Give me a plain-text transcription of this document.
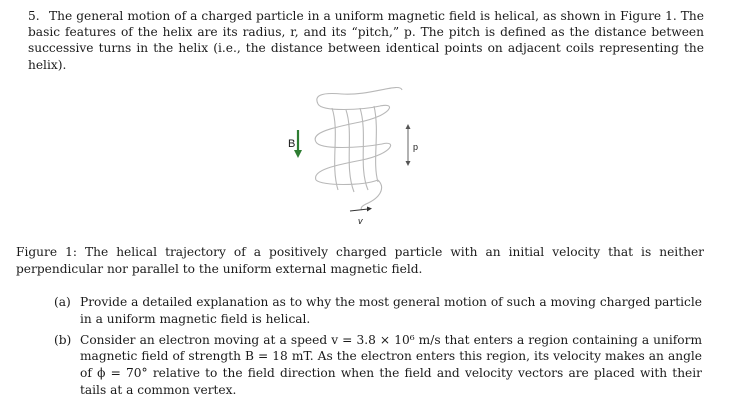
5. The general motion of a charged particle in a uniform magnetic field is helical, as shown in Figure 1. The basic features of the helix are its radius, r, and its “pitch,” p. The pitch is defined as the distance between successive turns in the helix (i.e., the distance between identical points on adjacent coils representing the helix).
B	p
v
Figure 1: The helical trajectory of a positively charged particle with an initial velocity that is neither perpendicular nor parallel to the uniform external magnetic field.
(a) Provide a detailed explanation as to why the most general motion of such a moving charged particle in a uniform magnetic field is helical.
(b) Consider an electron moving at a speed v = 3.8 × 10⁶ m/s that enters a region containing a uniform magnetic field of strength B = 18 mT. As the electron enters this region, its velocity makes an angle of ϕ = 70° relative to the field direction when the field and velocity vectors are placed with their tails at a common vertex.
